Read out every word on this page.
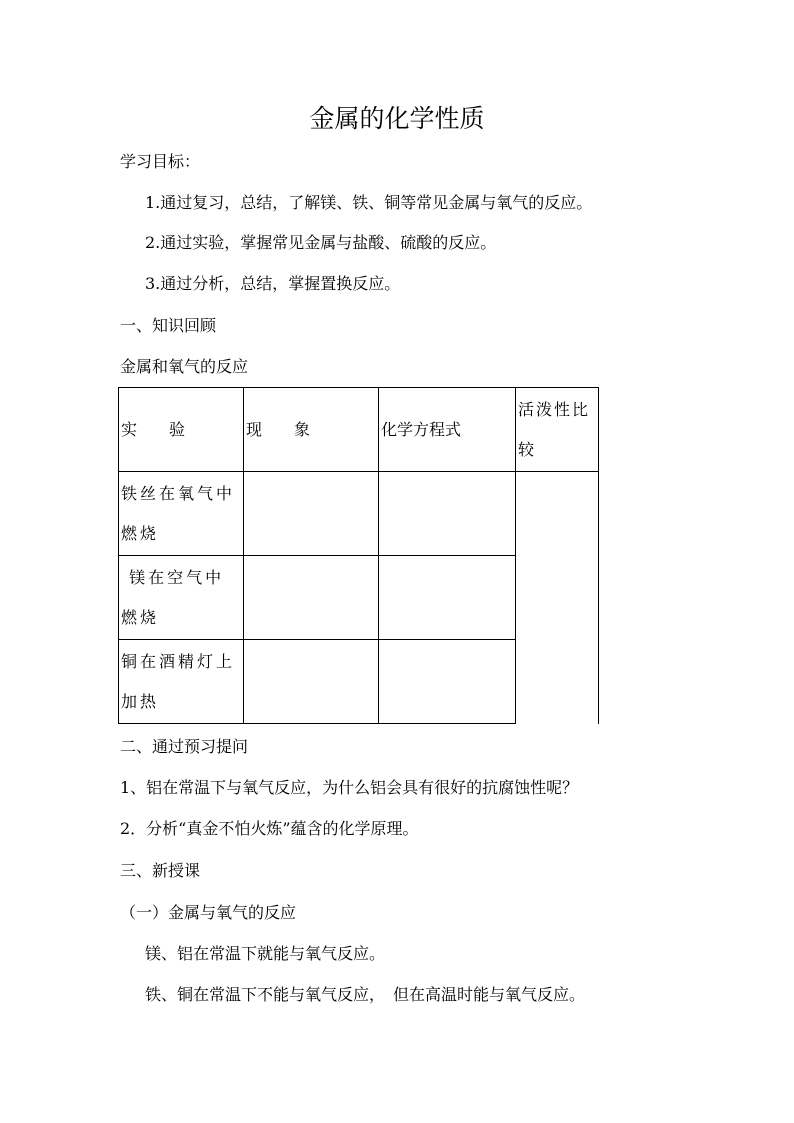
金属的化学性质
学习目标：
1.通过复习，总结，了解镁、铁、铜等常见金属与氧气的反应。
2.通过实验，掌握常见金属与盐酸、硫酸的反应。
3.通过分析，总结，掌握置换反应。
一、知识回顾
金属和氧气的反应
实　　验	现　　象	化学方程式	活泼性比较

铁丝在氧气中燃烧			

镁在空气中燃烧			

铜在酒精灯上加热			

二、通过预习提问
1、铝在常温下与氧气反应，为什么铝会具有很好的抗腐蚀性呢？
2．分析“真金不怕火炼”蕴含的化学原理。
三、新授课
（一）金属与氧气的反应
镁、铝在常温下就能与氧气反应。
铁、铜在常温下不能与氧气反应，　但在高温时能与氧气反应。
